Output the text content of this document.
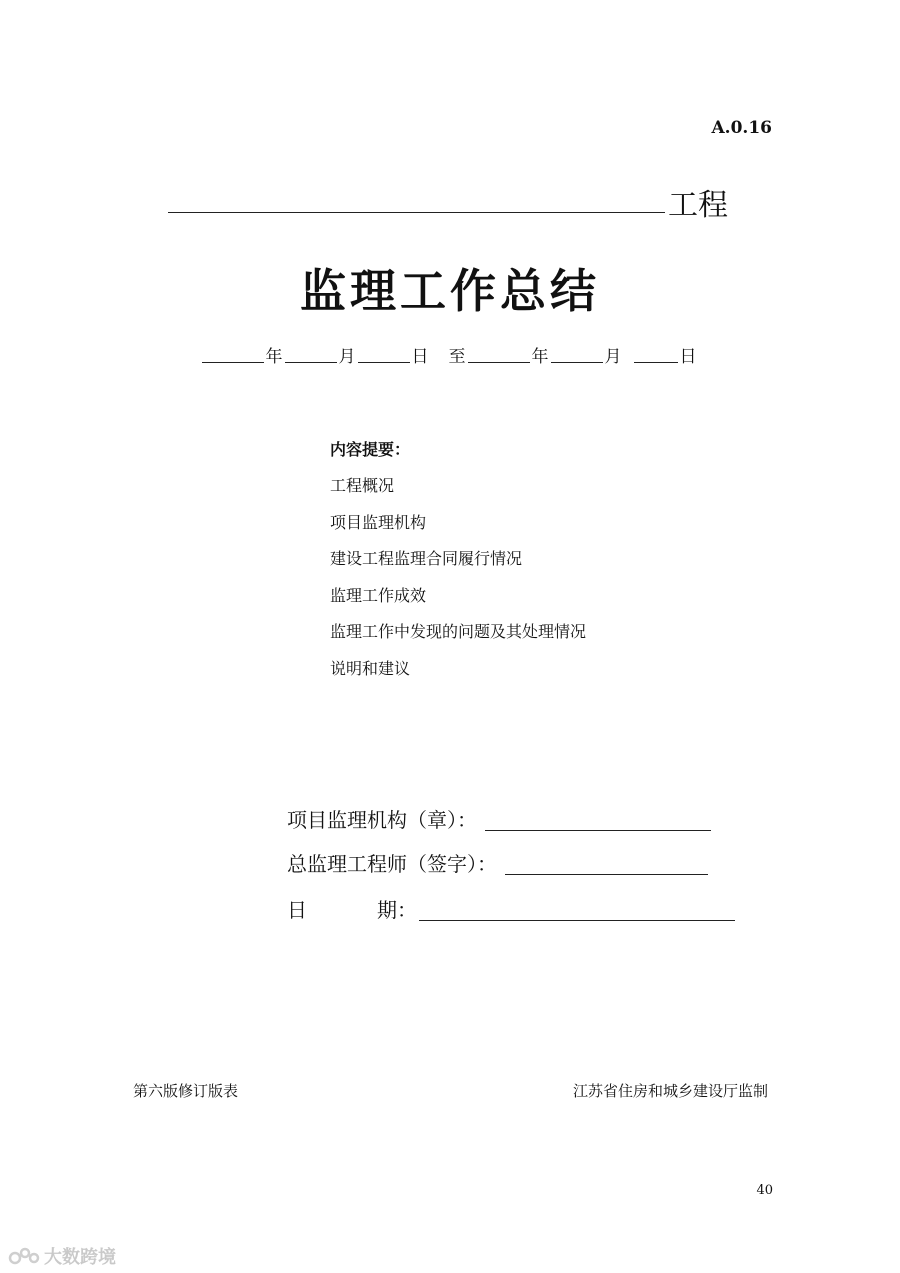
A.0.16
工程
监理工作总结
年	月	日	至	年	月	日
内容提要：
工程概况
项目监理机构
建设工程监理合同履行情况
监理工作成效
监理工作中发现的问题及其处理情况
说明和建议
项目监理机构（章）：
总监理工程师（签字）：
日	期：
第六版修订版表	江苏省住房和城乡建设厅监制
40
大数跨境
